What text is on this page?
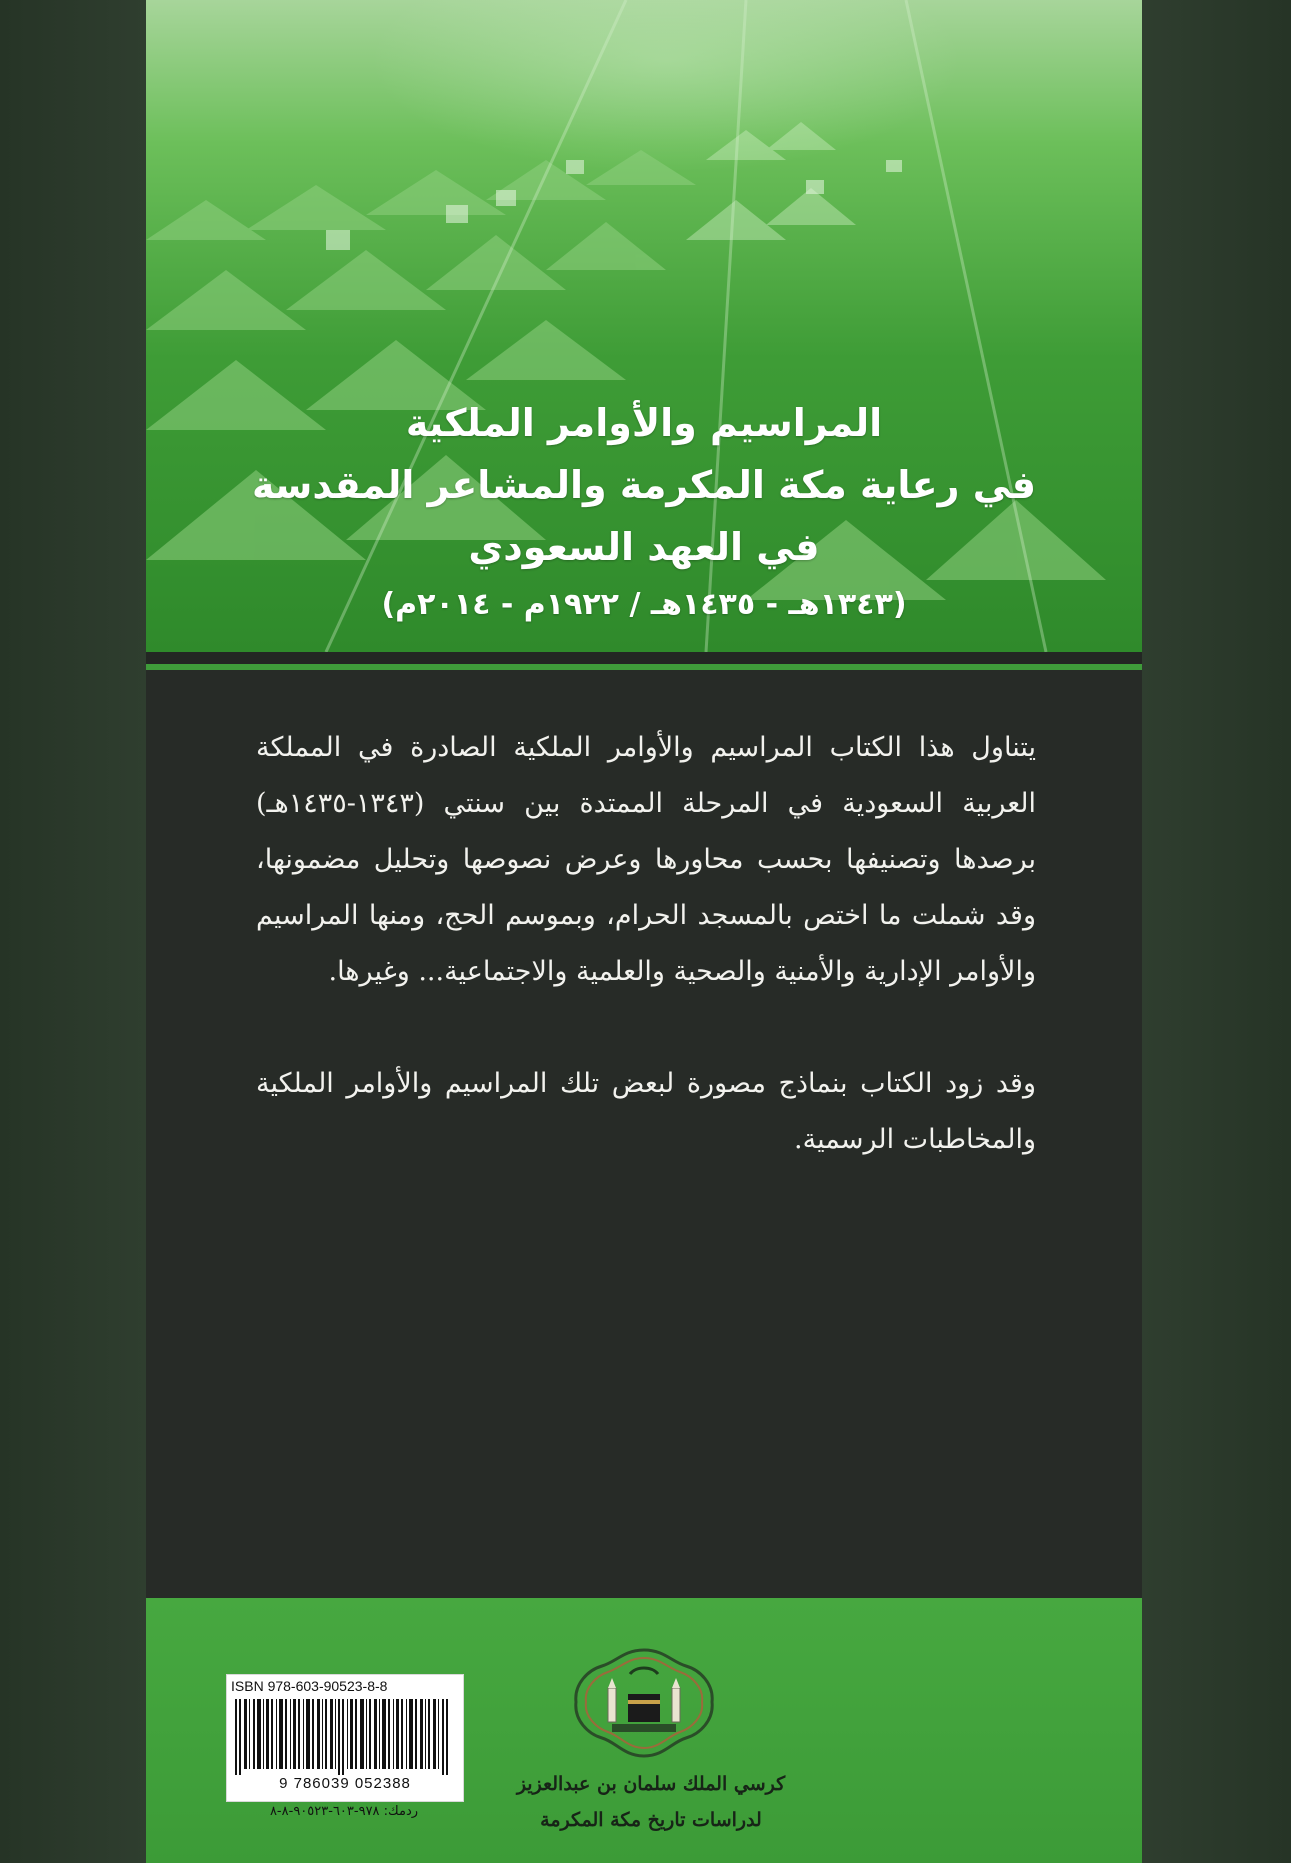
المراسيم والأوامر الملكية
في رعاية مكة المكرمة والمشاعر المقدسة
في العهد السعودي
(١٣٤٣هـ - ١٤٣٥هـ / ١٩٢٢م - ٢٠١٤م)

يتناول هذا الكتاب المراسيم والأوامر الملكية الصادرة في المملكة العربية السعودية في المرحلة الممتدة بين سنتي (١٣٤٣-١٤٣٥هـ) برصدها وتصنيفها بحسب محاورها وعرض نصوصها وتحليل مضمونها، وقد شملت ما اختص بالمسجد الحرام، وبموسم الحج، ومنها المراسيم والأوامر الإدارية والأمنية والصحية والعلمية والاجتماعية... وغيرها.

وقد زود الكتاب بنماذج مصورة لبعض تلك المراسيم والأوامر الملكية والمخاطبات الرسمية.

ISBN 978-603-90523-8-8
9 786039 052388
ردمك: ٩٧٨-٦٠٣-٩٠٥٢٣-٨-٨
كرسي الملك سلمان بن عبدالعزيز
لدراسات تاريخ مكة المكرمة
